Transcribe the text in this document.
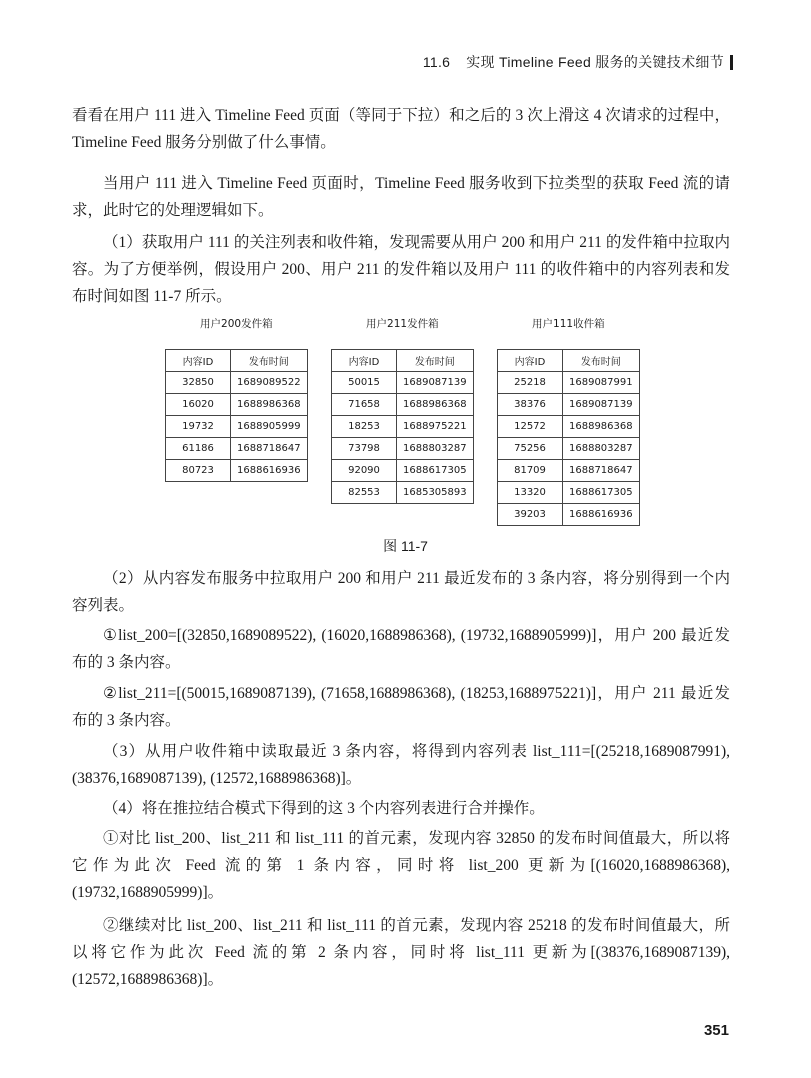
11.6 实现 Timeline Feed 服务的关键技术细节
看看在用户 111 进入 Timeline Feed 页面（等同于下拉）和之后的 3 次上滑这 4 次请求的过程中，Timeline Feed 服务分别做了什么事情。
当用户 111 进入 Timeline Feed 页面时，Timeline Feed 服务收到下拉类型的获取 Feed 流的请求，此时它的处理逻辑如下。
（1）获取用户 111 的关注列表和收件箱，发现需要从用户 200 和用户 211 的发件箱中拉取内容。为了方便举例，假设用户 200、用户 211 的发件箱以及用户 111 的收件箱中的内容列表和发布时间如图 11-7 所示。
用户200发件箱
内容ID	发布时间
32850	1689089522
16020	1688986368
19732	1688905999
61186	1688718647
80723	1688616936
用户211发件箱
内容ID	发布时间
50015	1689087139
71658	1688986368
18253	1688975221
73798	1688803287
92090	1688617305
82553	1685305893
用户111收件箱
内容ID	发布时间
25218	1689087991
38376	1689087139
12572	1688986368
75256	1688803287
81709	1688718647
13320	1688617305
39203	1688616936
图 11-7
（2）从内容发布服务中拉取用户 200 和用户 211 最近发布的 3 条内容，将分别得到一个内容列表。
①list_200=[(32850,1689089522), (16020,1688986368), (19732,1688905999)]，用户 200 最近发布的 3 条内容。
②list_211=[(50015,1689087139), (71658,1688986368), (18253,1688975221)]，用户 211 最近发布的 3 条内容。
（3）从用户收件箱中读取最近 3 条内容，将得到内容列表 list_111=[(25218,1689087991), (38376,1689087139), (12572,1688986368)]。
（4）将在推拉结合模式下得到的这 3 个内容列表进行合并操作。
①对比 list_200、list_211 和 list_111 的首元素，发现内容 32850 的发布时间值最大，所以将它作为此次 Feed 流的第 1 条内容，同时将 list_200 更新为[(16020,1688986368), (19732,1688905999)]。
②继续对比 list_200、list_211 和 list_111 的首元素，发现内容 25218 的发布时间值最大，所以将它作为此次 Feed 流的第 2 条内容，同时将 list_111 更新为[(38376,1689087139), (12572,1688986368)]。
351
